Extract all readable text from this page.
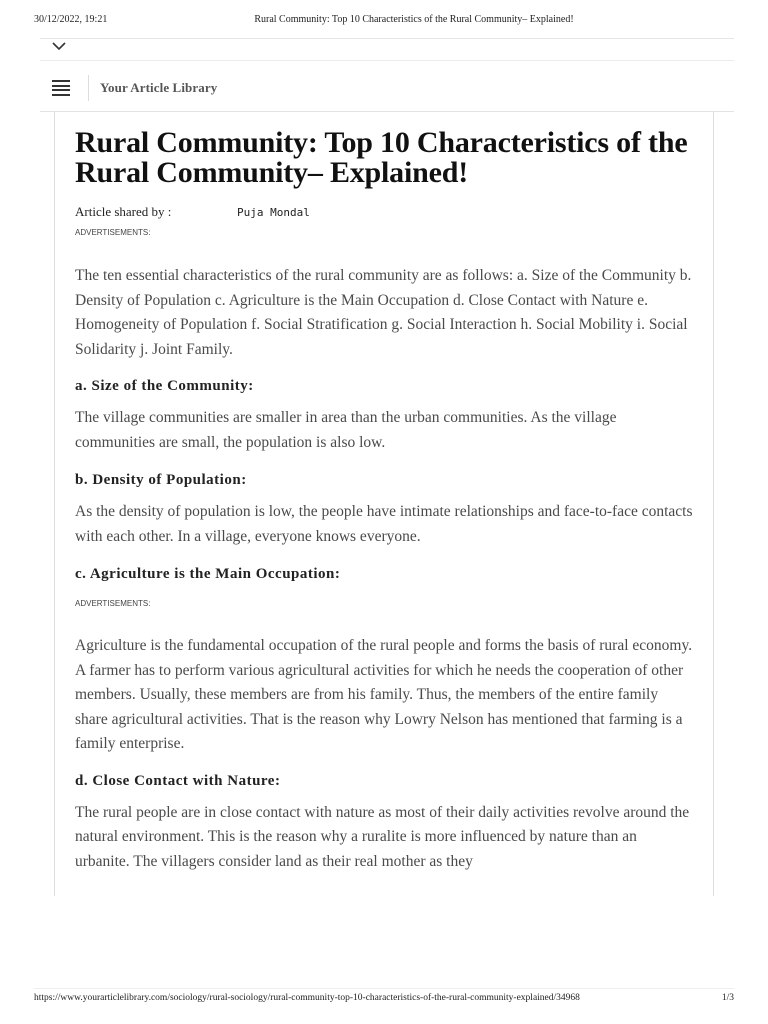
30/12/2022, 19:21	Rural Community: Top 10 Characteristics of the Rural Community– Explained!
Your Article Library
Rural Community: Top 10 Characteristics of the Rural Community– Explained!
Article shared by :	Puja Mondal
ADVERTISEMENTS:

The ten essential characteristics of the rural community are as follows: a. Size of the Community b. Density of Population c. Agriculture is the Main Occupation d. Close Contact with Nature e. Homogeneity of Population f. Social Stratification g. Social Interaction h. Social Mobility i. Social Solidarity j. Joint Family.

a. Size of the Community:

The village communities are smaller in area than the urban communities. As the village communities are small, the population is also low.

b. Density of Population:

As the density of population is low, the people have intimate relationships and face-to-face contacts with each other. In a village, everyone knows everyone.

c. Agriculture is the Main Occupation:
ADVERTISEMENTS:

Agriculture is the fundamental occupation of the rural people and forms the basis of rural economy. A farmer has to perform various agricultural activities for which he needs the cooperation of other members. Usually, these members are from his family. Thus, the members of the entire family share agricultural activities. That is the reason why Lowry Nelson has mentioned that farming is a family enterprise.

d. Close Contact with Nature:

The rural people are in close contact with nature as most of their daily activities revolve around the natural environment. This is the reason why a ruralite is more influenced by nature than an urbanite. The villagers consider land as their real mother as they

https://www.yourarticlelibrary.com/sociology/rural-sociology/rural-community-top-10-characteristics-of-the-rural-community-explained/34968	1/3
